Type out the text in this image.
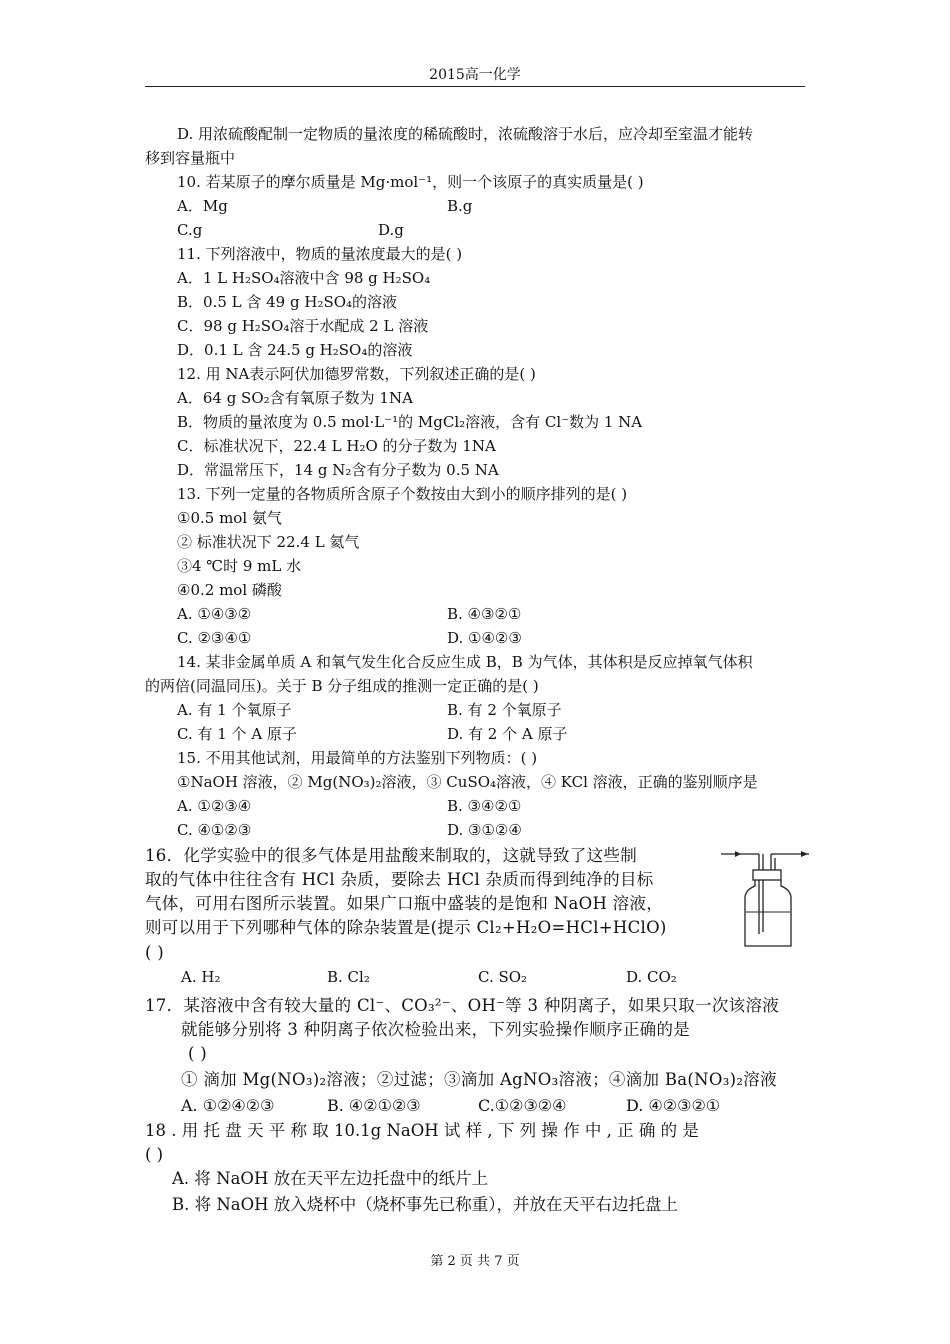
2015高一化学
D. 用浓硫酸配制一定物质的量浓度的稀硫酸时，浓硫酸溶于水后，应冷却至室温才能转
移到容量瓶中
10. 若某原子的摩尔质量是 Mg·mol⁻¹，则一个该原子的真实质量是( )
A．Mg	B.g
C.g	D.g
11. 下列溶液中，物质的量浓度最大的是( )
A．1 L H₂SO₄溶液中含 98 g H₂SO₄
B．0.5 L 含 49 g H₂SO₄的溶液
C．98 g H₂SO₄溶于水配成 2 L 溶液
D．0.1 L 含 24.5 g H₂SO₄的溶液
12. 用 NA表示阿伏加德罗常数，下列叙述正确的是( )
A．64 g SO₂含有氧原子数为 1NA
B．物质的量浓度为 0.5 mol·L⁻¹的 MgCl₂溶液，含有 Cl⁻数为 1 NA
C．标准状况下，22.4 L H₂O 的分子数为 1NA
D．常温常压下，14 g N₂含有分子数为 0.5 NA
13. 下列一定量的各物质所含原子个数按由大到小的顺序排列的是( )
①0.5 mol 氨气
② 标准状况下 22.4 L 氦气
③4 ℃时 9 mL 水
④0.2 mol 磷酸
A. ①④③②	B. ④③②①
C. ②③④①	D. ①④②③
14. 某非金属单质 A 和氧气发生化合反应生成 B，B 为气体，其体积是反应掉氧气体积
的两倍(同温同压)。关于 B 分子组成的推测一定正确的是( )
A. 有 1 个氧原子	B. 有 2 个氧原子
C. 有 1 个 A 原子	D. 有 2 个 A 原子
15. 不用其他试剂，用最简单的方法鉴别下列物质：( )
①NaOH 溶液，② Mg(NO₃)₂溶液，③ CuSO₄溶液，④ KCl 溶液，正确的鉴别顺序是
A. ①②③④	B. ③④②①
C. ④①②③	D. ③①②④
16．化学实验中的很多气体是用盐酸来制取的，这就导致了这些制
取的气体中往往含有 HCl 杂质，要除去 HCl 杂质而得到纯净的目标
气体，可用右图所示装置。如果广口瓶中盛装的是饱和 NaOH 溶液，
则可以用于下列哪种气体的除杂装置是(提示 Cl₂+H₂O=HCl+HClO)
( )
A. H₂	B. Cl₂	C. SO₂	D. CO₂
17．某溶液中含有较大量的 Cl⁻、CO₃²⁻、OH⁻等 3 种阴离子，如果只取一次该溶液
就能够分别将 3 种阴离子依次检验出来，下列实验操作顺序正确的是
( )
① 滴加 Mg(NO₃)₂溶液；②过滤；③滴加 AgNO₃溶液；④滴加 Ba(NO₃)₂溶液
A. ①②④②③	B. ④②①②③	C.①②③②④	D. ④②③②①
18 . 用 托 盘 天 平 称 取 10.1g NaOH 试 样 , 下 列 操 作 中 , 正 确 的 是
( )
A. 将 NaOH 放在天平左边托盘中的纸片上
B. 将 NaOH 放入烧杯中（烧杯事先已称重），并放在天平右边托盘上
第 2 页 共 7 页
